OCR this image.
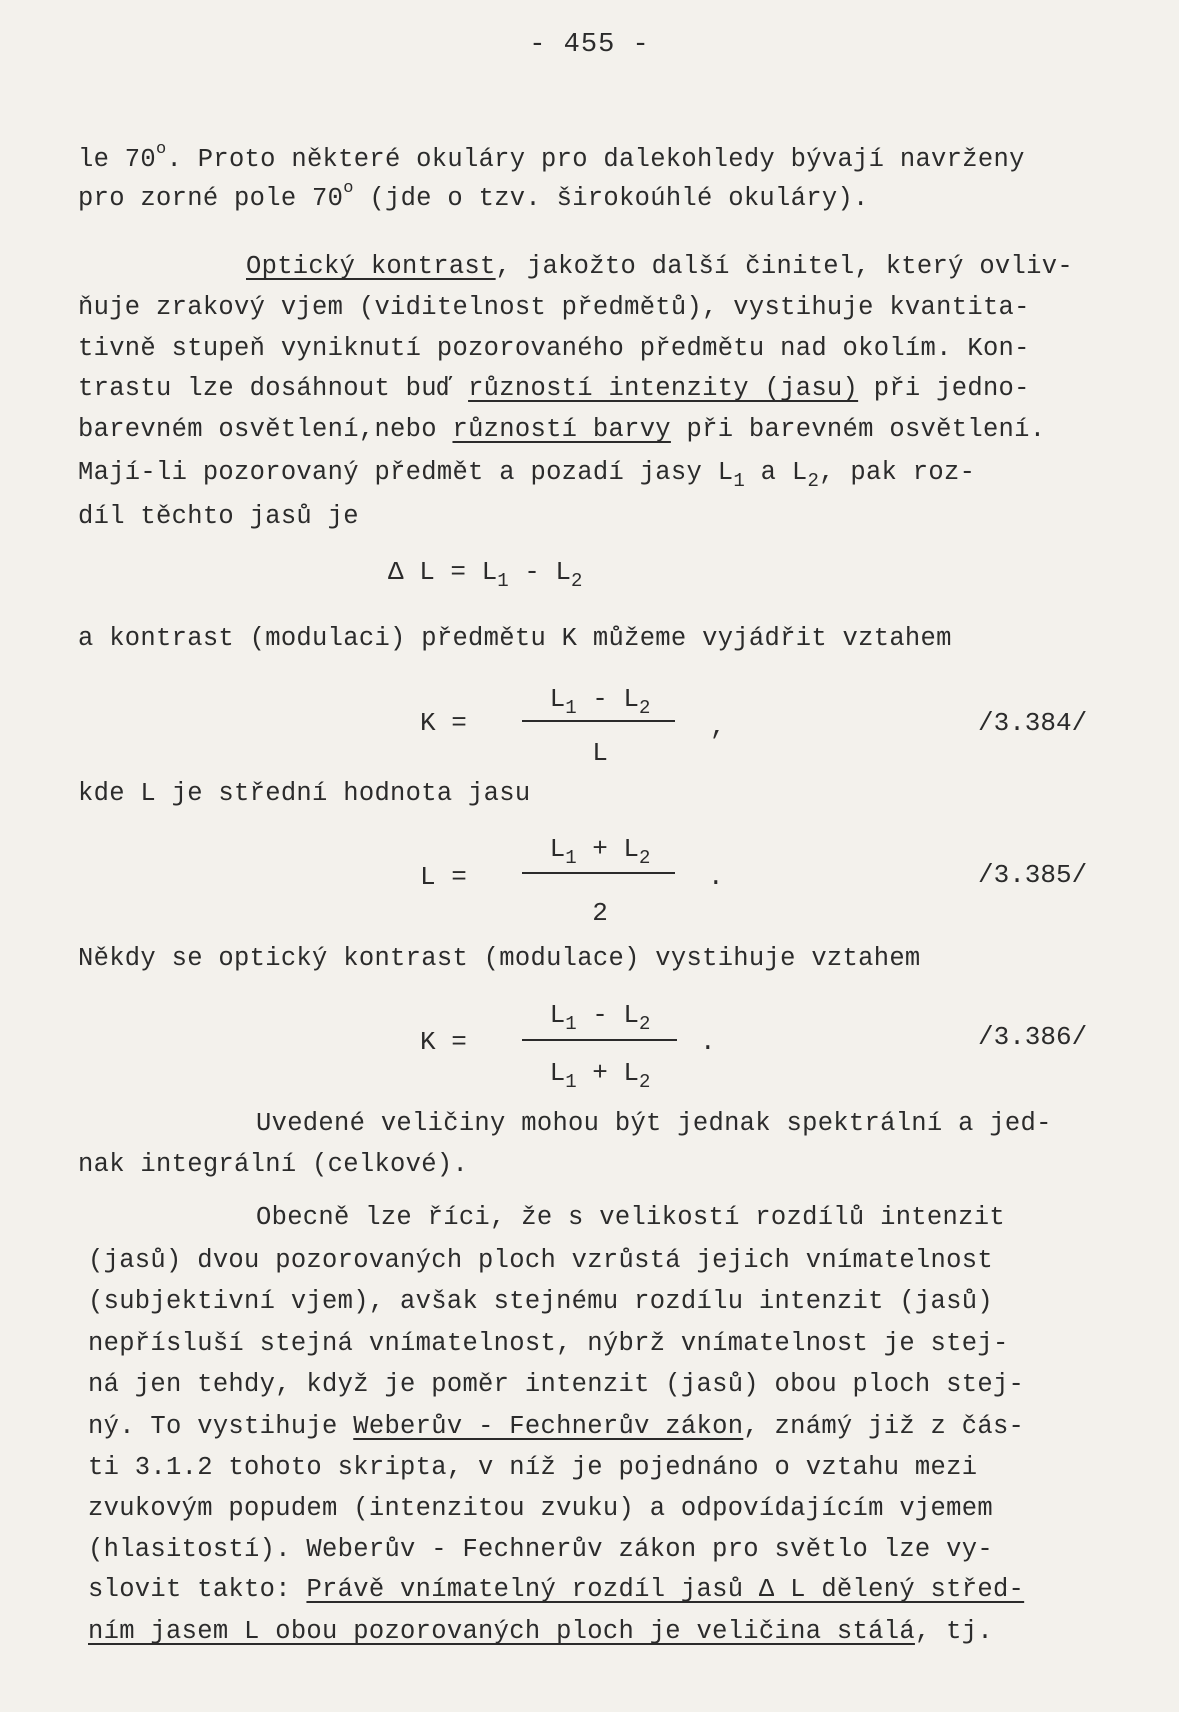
- 455 -
le 70$^o$. Proto některé okuláry pro dalekohledy bývají navrženy
pro zorné pole 70$^o$ (jde o tzv. širokoúhlé okuláry).
Optický kontrast, jakožto další činitel, který ovliv-
ňuje zrakový vjem (viditelnost předmětů), vystihuje kvantita-
tivně stupeň vyniknutí pozorovaného předmětu nad okolím. Kon-
trastu lze dosáhnout buď růzností intenzity (jasu) při jedno-
barevném osvětlení,nebo růzností barvy při barevném osvětlení.
Mají-li pozorovaný předmět a pozadí jasy $L_1$ a $L_2$, pak roz-
díl těchto jasů je
Δ $L = L_1 - L_2$
a kontrast (modulaci) předmětu K můžeme vyjádřit vztahem
K =
$L_1 - L_2$
L
,	/3.384/
kde L je střední hodnota jasu
L =
$L_1 + L_2$
2
.	/3.385/
Někdy se optický kontrast (modulace) vystihuje vztahem
K =
$L_1 - L_2$
$L_1 + L_2$
.	/3.386/
Uvedené veličiny mohou být jednak spektrální a jed-
nak integrální (celkové).
Obecně lze říci, že s velikostí rozdílů intenzit
(jasů) dvou pozorovaných ploch vzrůstá jejich vnímatelnost
(subjektivní vjem), avšak stejnému rozdílu intenzit (jasů)
nepřísluší stejná vnímatelnost, nýbrž vnímatelnost je stej-
ná jen tehdy, když je poměr intenzit (jasů) obou ploch stej-
ný. To vystihuje Weberův - Fechnerův zákon, známý již z čás-
ti 3.1.2 tohoto skripta, v níž je pojednáno o vztahu mezi
zvukovým popudem (intenzitou zvuku) a odpovídajícím vjemem
(hlasitostí). Weberův - Fechnerův zákon pro světlo lze vy-
slovit takto: Právě vnímatelný rozdíl jasů Δ L dělený střed-
ním jasem L obou pozorovaných ploch je veličina stálá, tj.
